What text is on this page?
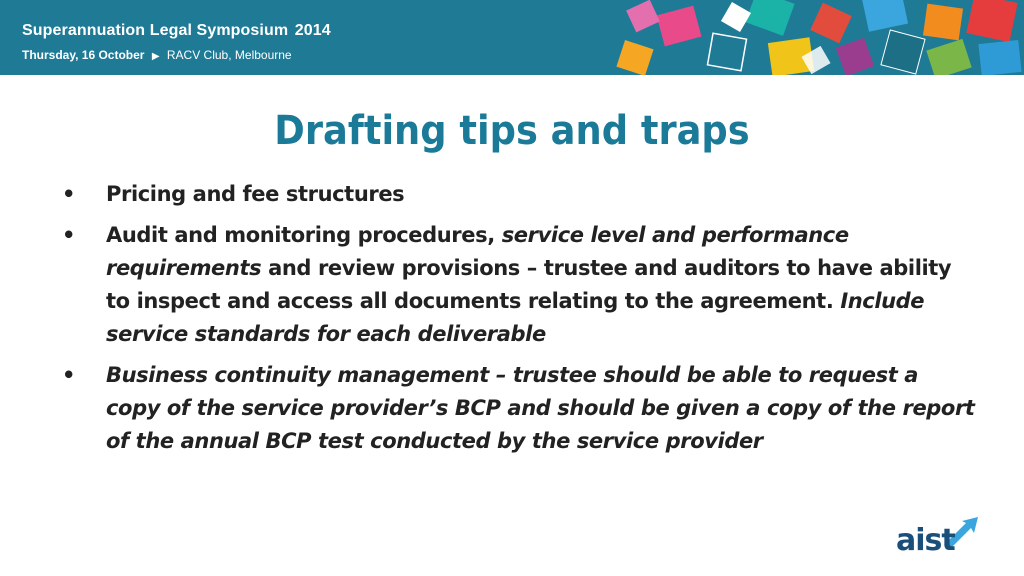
Superannuation Legal Symposium 2014
Thursday, 16 October ▶ RACV Club, Melbourne
Drafting tips and traps
•	Pricing and fee structures
•	Audit and monitoring procedures, service level and performance requirements and review provisions – trustee and auditors to have ability to inspect and access all documents relating to the agreement. Include service standards for each deliverable
•	Business continuity management – trustee should be able to request a copy of the service provider’s BCP and should be given a copy of the report of the annual BCP test conducted by the service provider
aist
